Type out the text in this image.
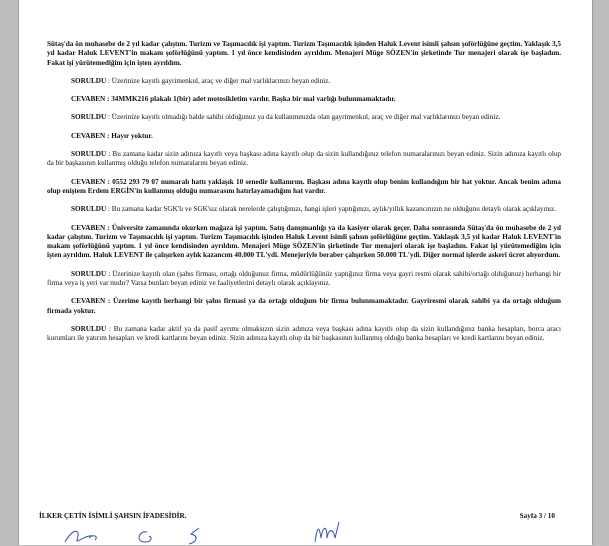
Sütaş'da ön muhasebe de 2 yıl kadar çalıştım. Turizm ve Taşımacılık işi yaptım. Turizm Taşımacılık işinden Haluk Levent isimli şahsın şoförlüğüne geçtim. Yaklaşık 3,5 yıl kadar Haluk LEVENT'in makam şoförlüğünü yaptım. 1 yıl önce kendisinden ayrıldım. Menajeri Müge SÖZEN'in şirketinde Tur menajeri olarak işe başladım. Fakat işi yürütemediğim için işten ayrıldım.

SORULDU : Üzerinize kayıtlı gayrimenkul, araç ve diğer mal varlıklarınızı beyan ediniz.

CEVABEN : 34MMK216 plakalı 1(bir) adet motosikletim vardır. Başka bir mal varlığı bulunmamaktadır.

SORULDU : Üzerinize kayıtlı olmadığı halde sahibi olduğunuz ya da kullanmınızda olan gayrimenkul, araç ve diğer mal varlıklarınızı beyan ediniz.

CEVABEN : Hayır yoktur.

SORULDU : Bu zamana kadar sizin adınıza kayıtlı veya başkası adına kayıtlı olup da sizin kullandığınız telefon numaralarınızı beyan ediniz. Sizin adınıza kayıtlı olup da bir başkasının kullanmış olduğu telefon numaralarını beyan ediniz.

CEVABEN : 0552 293 79 07 numaralı hattı yaklaşık 10 senedir kullanırım. Başkası adına kayıtlı olup benim kullandığım bir hat yoktur. Ancak benim adıma olup eniştem Erdem ERGİN'in kullanmış olduğu numarasını hatırlayamadığım hat vardır.

SORULDU : Bu zamana kadar SGK'lı ve SGK'sız olarak nerelerde çalıştığınızı, hangi işleri yaptığınızı, aylık/yıllık kazancınızın ne olduğunu detaylı olarak açıklayınız.

CEVABEN : Üniversite zamanında okurken mağaza işi yaptım. Satış danışmanlığı ya da kasiyer olarak geçer. Daha sonrasında Sütaş'da ön muhasebe de 2 yıl kadar çalıştım. Turizm ve Taşımacılık işi yaptım. Turizm Taşımacılık işinden Haluk Levent isimli şahsın şoförlüğüne geçtim. Yaklaşık 3,5 yıl kadar Haluk LEVENT'in makam şoförlüğünü yaptım. 1 yıl önce kendisinden ayrıldım. Menajeri Müge SÖZEN'in şirketinde Tur menajeri olarak işe başladım. Fakat işi yürütemediğim için işten ayrıldım. Haluk LEVENT ile çalışırken aylık kazancım 40.000 TL'ydi. Menejeriyle beraber çalışırken 50.000 TL'ydi. Diğer normal işlerde askeri ücret alıyordum.

SORULDU : Üzerinize kayıtlı olan (şahıs firması, ortağı olduğunuz firma, müdürlüğünüz yaptığınız firma veya gayri resmi olarak sahibi/ortağı olduğunuz) herhangi bir firma veya iş yeri var mıdır? Varsa bunları beyan ediniz ve faaliyetlerini detaylı olarak açıklayınız.

CEVABEN : Üzerime kayıtlı herhangi bir şahıs firmasi ya da ortağı olduğum bir firma bulunmamaktadır. Gayriresmi olarak sahibi ya da ortağı olduğum firmada yoktur.

SORULDU : Bu zamana kadar aktif ya da pasif ayrımı olmaksızın sizin adınıza veya başkası adına kayıtlı olup da sizin kullandığınız banka hesapları, borca aracı kurumları ile yatırım hesapları ve kredi kartlarını beyan ediniz. Sizin adınıza kayıtlı olup da bir başkasının kullanmış olduğu banka hesapları ve kredi kartlarını beyan ediniz.

İLKER ÇETİN İSİMLİ ŞAHSIN İFADESİDİR.	Sayfa 3 / 10
